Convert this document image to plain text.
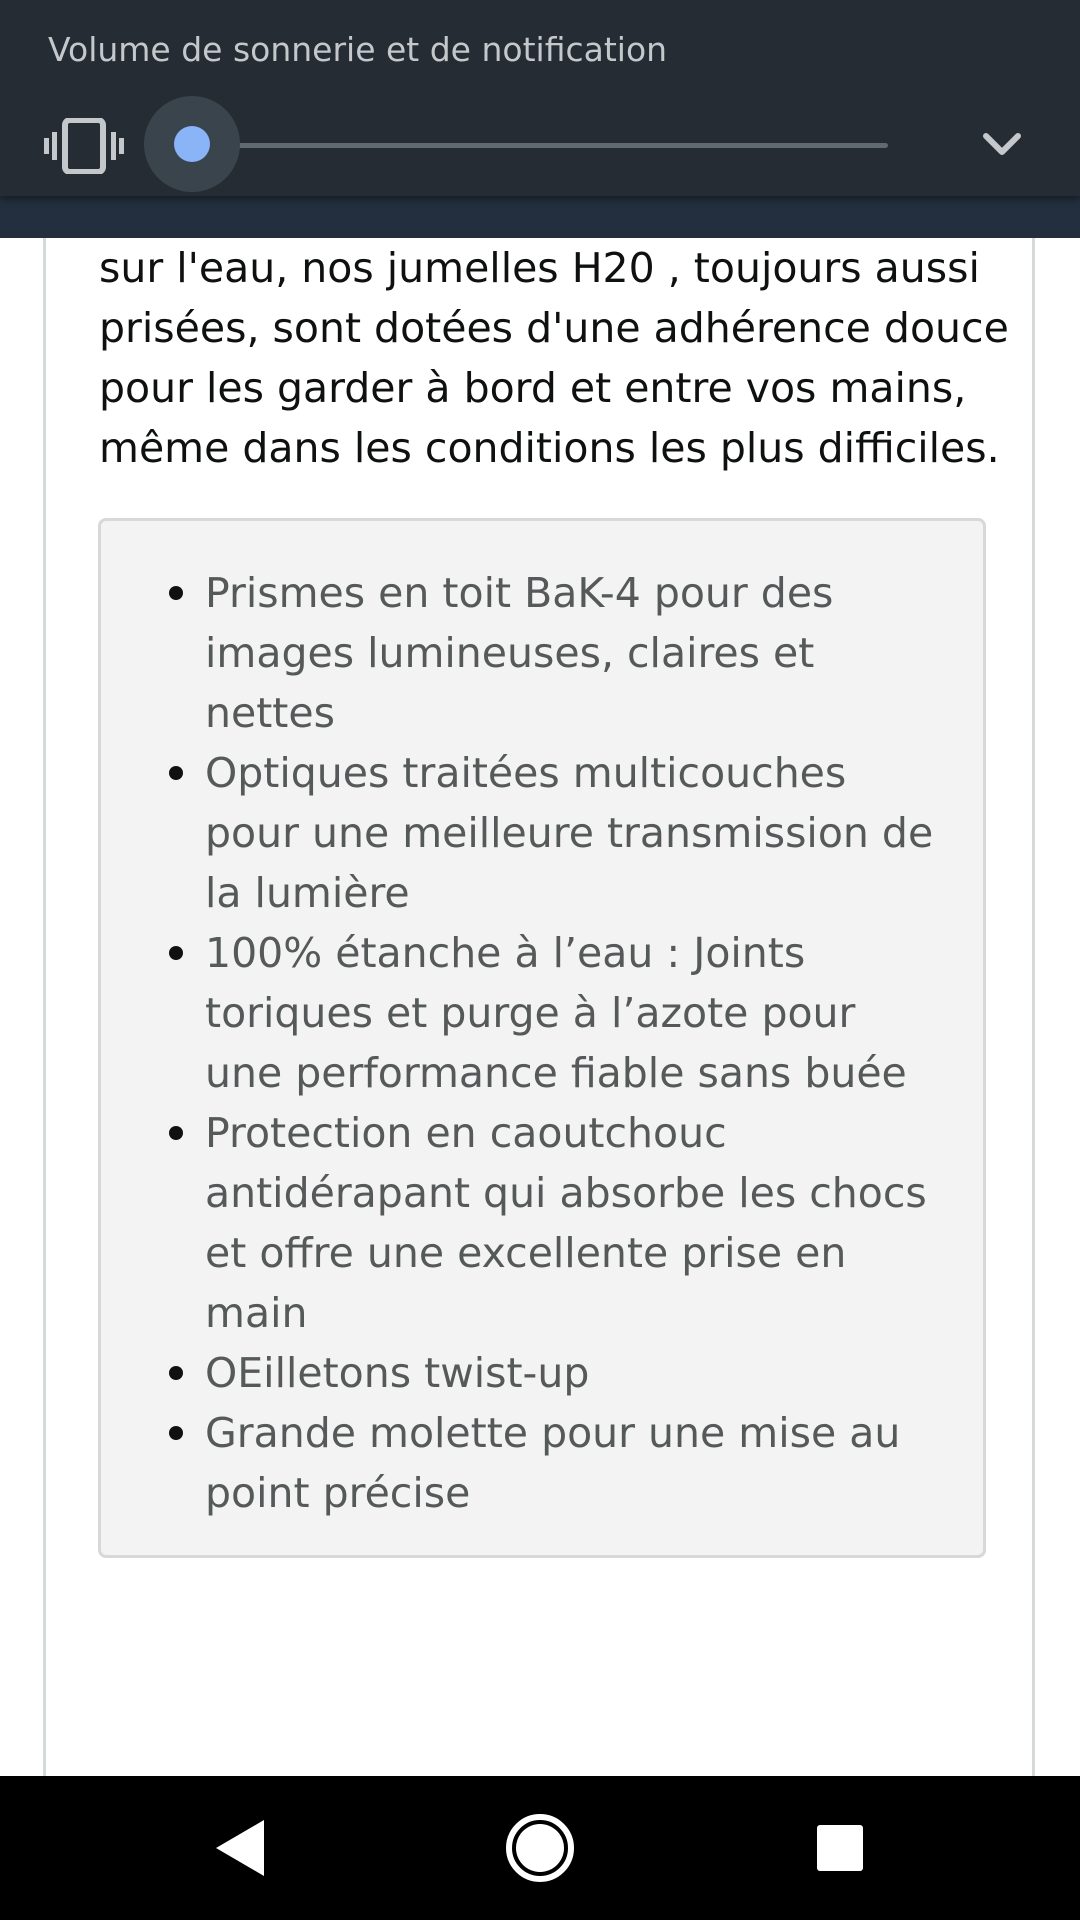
sur l'eau, nos jumelles H20 , toujours aussi prisées, sont dotées d'une adhérence douce pour les garder à bord et entre vos mains, même dans les conditions les plus difficiles.

Prismes en toit BaK-4 pour des images lumineuses, claires et nettes
Optiques traitées multicouches pour une meilleure transmission de la lumière
100% étanche à l’eau : Joints toriques et purge à l’azote pour une performance fiable sans buée
Protection en caoutchouc antidérapant qui absorbe les chocs et offre une excellente prise en main
OEilletons twist-up
Grande molette pour une mise au point précise
Volume de sonnerie et de notification
